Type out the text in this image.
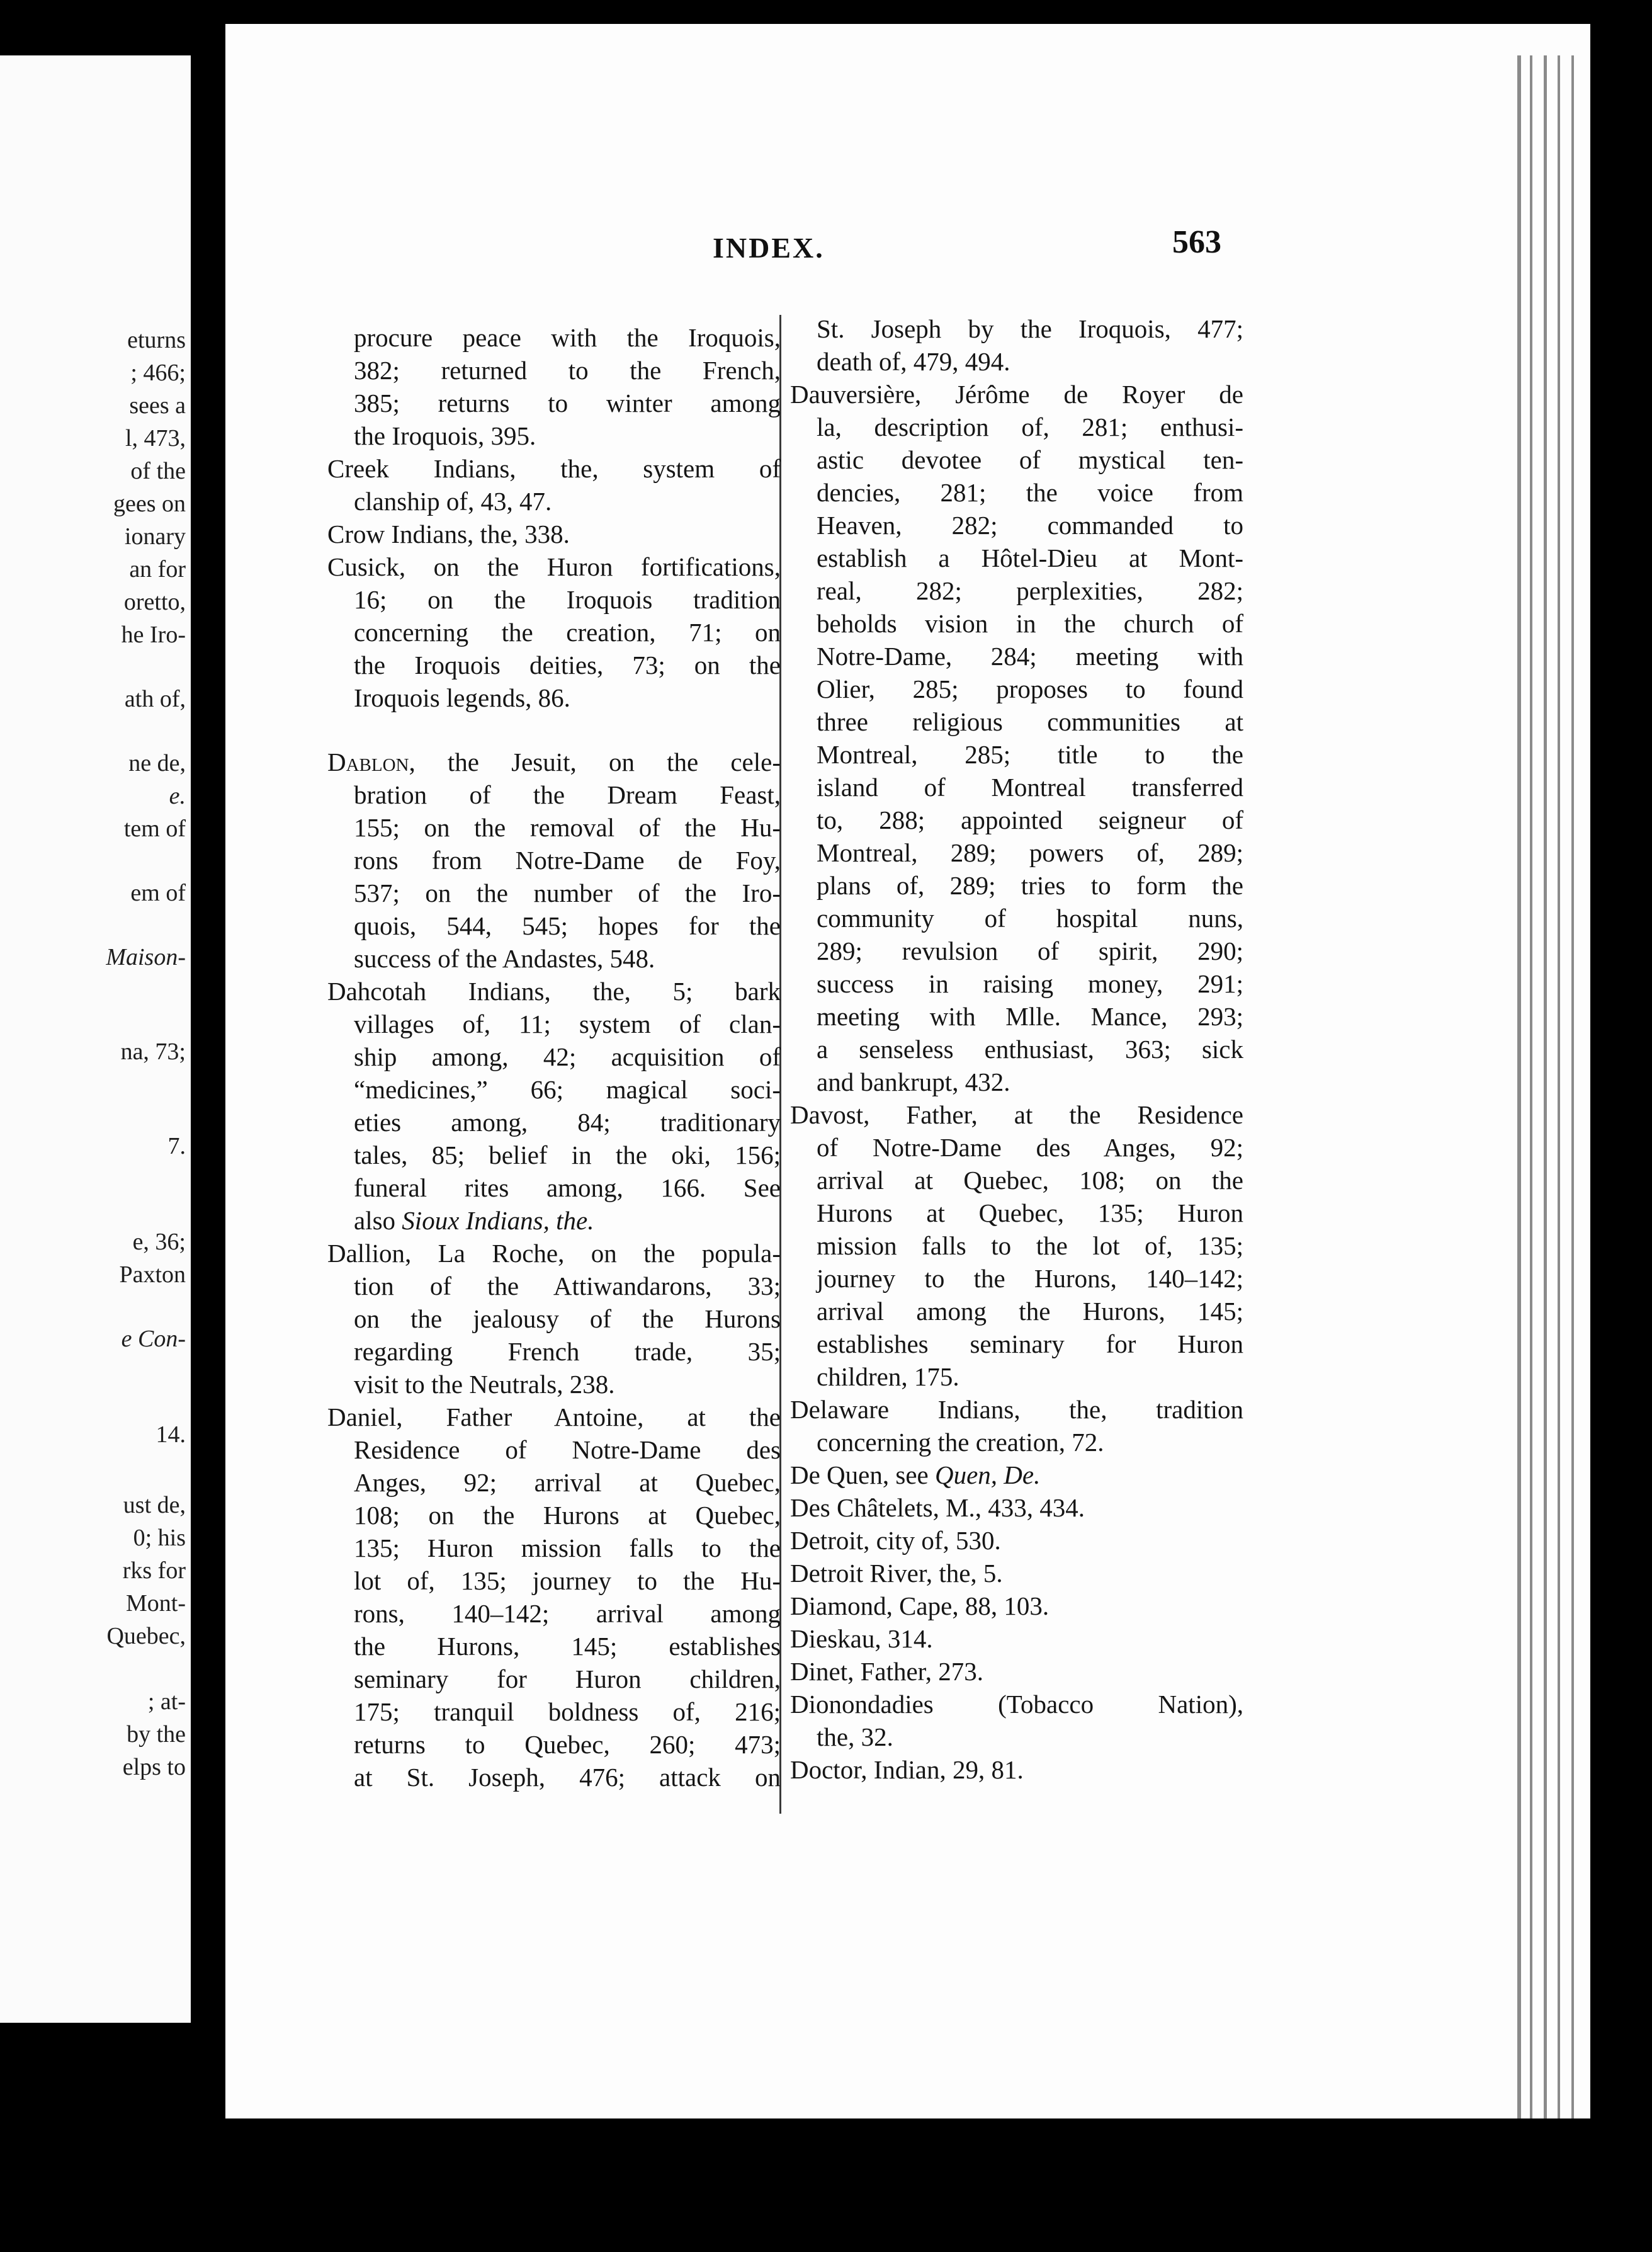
eturns
; 466;
sees a
l, 473,
of the
gees on
ionary
an for
oretto,
he Iro-
ath of,
ne de,
e.
tem of
em of
Maison-
na, 73;
7.
e, 36;
Paxton
e Con-
14.
ust de,
0; his
rks for
Mont-
Quebec,
; at-
by the
elps to
INDEX.	563
procure peace with the Iroquois,
382; returned to the French,
385; returns to winter among
the Iroquois, 395.
Creek Indians, the, system of
clanship of, 43, 47.
Crow Indians, the, 338.
Cusick, on the Huron fortifications,
16; on the Iroquois tradition
concerning the creation, 71; on
the Iroquois deities, 73; on the
Iroquois legends, 86.
Dablon, the Jesuit, on the cele-
bration of the Dream Feast,
155; on the removal of the Hu-
rons from Notre-Dame de Foy,
537; on the number of the Iro-
quois, 544, 545; hopes for the
success of the Andastes, 548.
Dahcotah Indians, the, 5; bark
villages of, 11; system of clan-
ship among, 42; acquisition of
“medicines,” 66; magical soci-
eties among, 84; traditionary
tales, 85; belief in the oki, 156;
funeral rites among, 166. See
also Sioux Indians, the.
Dallion, La Roche, on the popula-
tion of the Attiwandarons, 33;
on the jealousy of the Hurons
regarding French trade, 35;
visit to the Neutrals, 238.
Daniel, Father Antoine, at the
Residence of Notre-Dame des
Anges, 92; arrival at Quebec,
108; on the Hurons at Quebec,
135; Huron mission falls to the
lot of, 135; journey to the Hu-
rons, 140–142; arrival among
the Hurons, 145; establishes
seminary for Huron children,
175; tranquil boldness of, 216;
returns to Quebec, 260; 473;
at St. Joseph, 476; attack on
St. Joseph by the Iroquois, 477;
death of, 479, 494.
Dauversière, Jérôme de Royer de
la, description of, 281; enthusi-
astic devotee of mystical ten-
dencies, 281; the voice from
Heaven, 282; commanded to
establish a Hôtel-Dieu at Mont-
real, 282; perplexities, 282;
beholds vision in the church of
Notre-Dame, 284; meeting with
Olier, 285; proposes to found
three religious communities at
Montreal, 285; title to the
island of Montreal transferred
to, 288; appointed seigneur of
Montreal, 289; powers of, 289;
plans of, 289; tries to form the
community of hospital nuns,
289; revulsion of spirit, 290;
success in raising money, 291;
meeting with Mlle. Mance, 293;
a senseless enthusiast, 363; sick
and bankrupt, 432.
Davost, Father, at the Residence
of Notre-Dame des Anges, 92;
arrival at Quebec, 108; on the
Hurons at Quebec, 135; Huron
mission falls to the lot of, 135;
journey to the Hurons, 140–142;
arrival among the Hurons, 145;
establishes seminary for Huron
children, 175.
Delaware Indians, the, tradition
concerning the creation, 72.
De Quen, see Quen, De.
Des Châtelets, M., 433, 434.
Detroit, city of, 530.
Detroit River, the, 5.
Diamond, Cape, 88, 103.
Dieskau, 314.
Dinet, Father, 273.
Dionondadies (Tobacco Nation),
the, 32.
Doctor, Indian, 29, 81.
